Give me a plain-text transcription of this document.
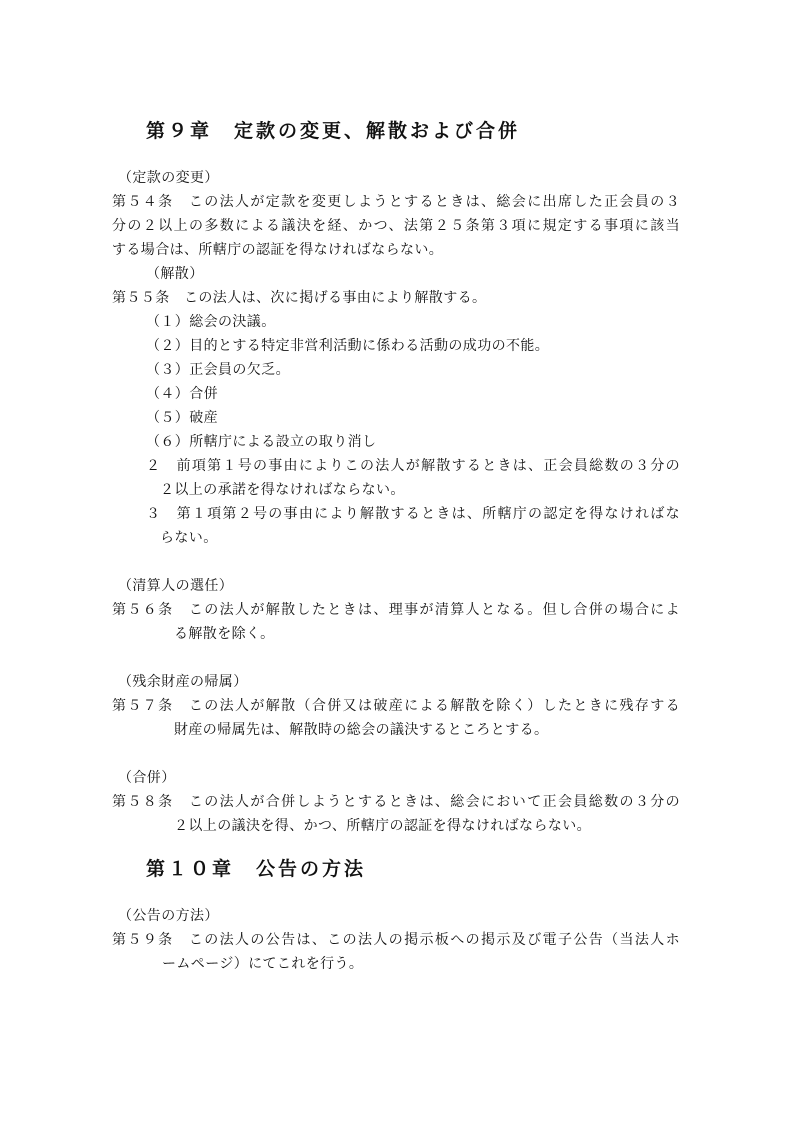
第９章　定款の変更、解散および合併

（定款の変更）

第５４条　この法人が定款を変更しようとするときは、総会に出席した正会員の３

分の２以上の多数による議決を経、かつ、法第２５条第３項に規定する事項に該当

する場合は、所轄庁の認証を得なければならない。

（解散）

第５５条　この法人は、次に掲げる事由により解散する。

（１）総会の決議。

（２）目的とする特定非営利活動に係わる活動の成功の不能。

（３）正会員の欠乏。

（４）合併

（５）破産

（６）所轄庁による設立の取り消し

２　前項第１号の事由によりこの法人が解散するときは、正会員総数の３分の

２以上の承諾を得なければならない。

３　第１項第２号の事由により解散するときは、所轄庁の認定を得なければな

らない。

（清算人の選任）

第５６条　この法人が解散したときは、理事が清算人となる。但し合併の場合によ

る解散を除く。

（残余財産の帰属）

第５７条　この法人が解散（合併又は破産による解散を除く）したときに残存する

財産の帰属先は、解散時の総会の議決するところとする。

（合併）

第５８条　この法人が合併しようとするときは、総会において正会員総数の３分の

２以上の議決を得、かつ、所轄庁の認証を得なければならない。

第１０章　公告の方法

（公告の方法）

第５９条　この法人の公告は、この法人の掲示板への掲示及び電子公告（当法人ホ

ームページ）にてこれを行う。
